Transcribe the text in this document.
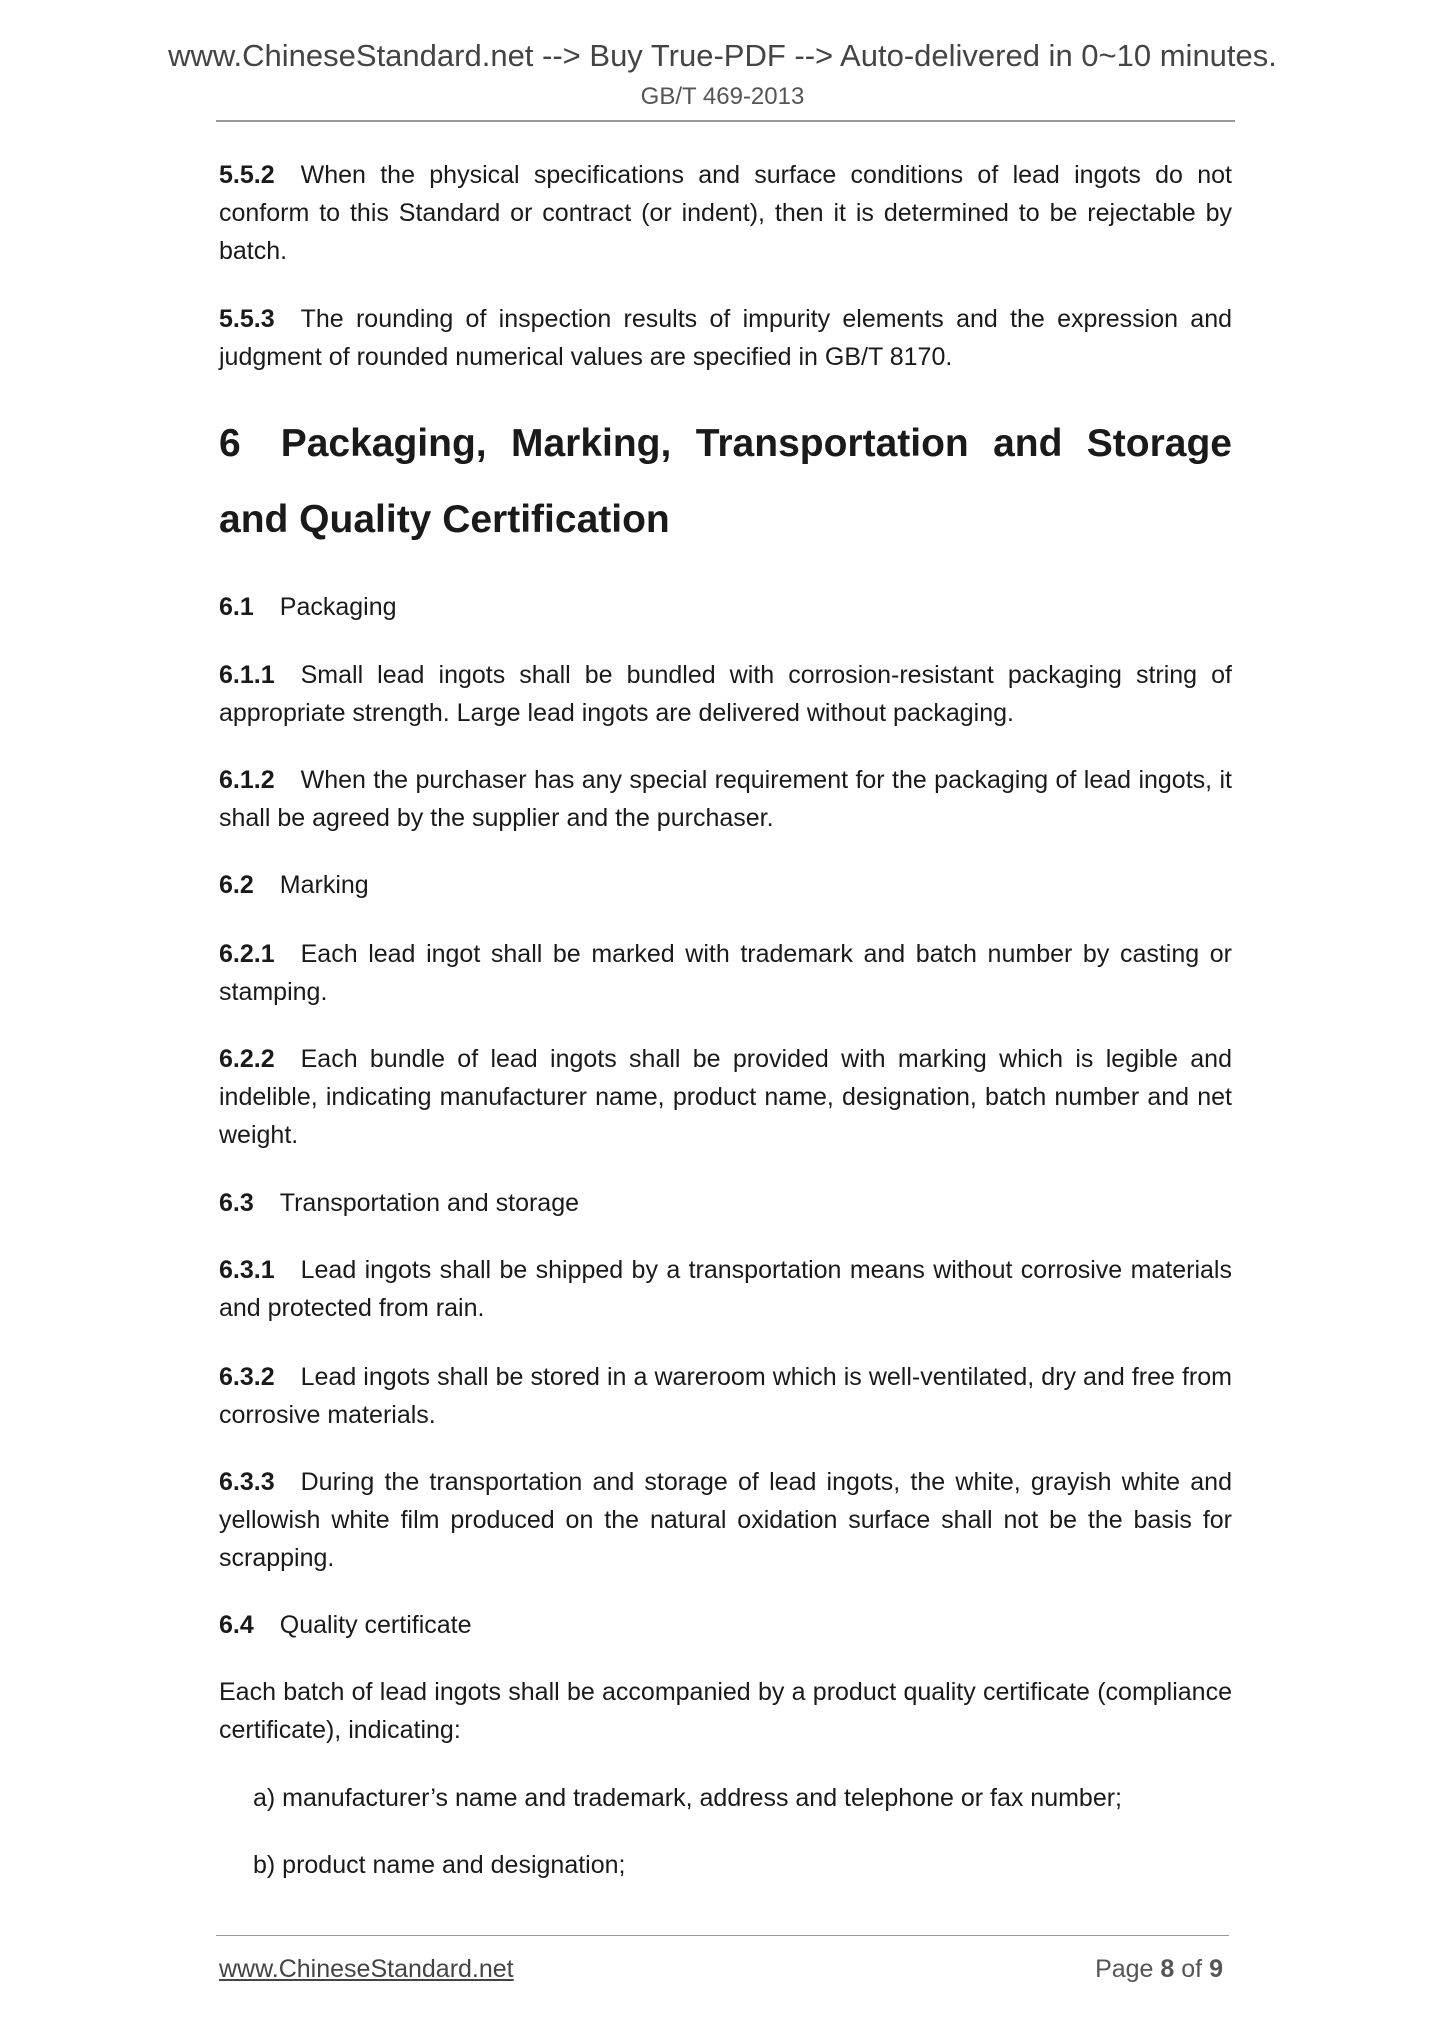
www.ChineseStandard.net --> Buy True-PDF --> Auto-delivered in 0~10 minutes.
GB/T 469-2013
5.5.2 When the physical specifications and surface conditions of lead ingots do not conform to this Standard or contract (or indent), then it is determined to be rejectable by batch.
5.5.3 The rounding of inspection results of impurity elements and the expression and judgment of rounded numerical values are specified in GB/T 8170.
6 Packaging, Marking, Transportation and Storage
and Quality Certification
6.1 Packaging
6.1.1 Small lead ingots shall be bundled with corrosion-resistant packaging string of appropriate strength. Large lead ingots are delivered without packaging.
6.1.2 When the purchaser has any special requirement for the packaging of lead ingots, it shall be agreed by the supplier and the purchaser.
6.2 Marking
6.2.1 Each lead ingot shall be marked with trademark and batch number by casting or stamping.
6.2.2 Each bundle of lead ingots shall be provided with marking which is legible and indelible, indicating manufacturer name, product name, designation, batch number and net weight.
6.3 Transportation and storage
6.3.1 Lead ingots shall be shipped by a transportation means without corrosive materials and protected from rain.
6.3.2 Lead ingots shall be stored in a wareroom which is well-ventilated, dry and free from corrosive materials.
6.3.3 During the transportation and storage of lead ingots, the white, grayish white and yellowish white film produced on the natural oxidation surface shall not be the basis for scrapping.
6.4 Quality certificate
Each batch of lead ingots shall be accompanied by a product quality certificate (compliance certificate), indicating:
a) manufacturer’s name and trademark, address and telephone or fax number;
b) product name and designation;
www.ChineseStandard.net	Page 8 of 9
